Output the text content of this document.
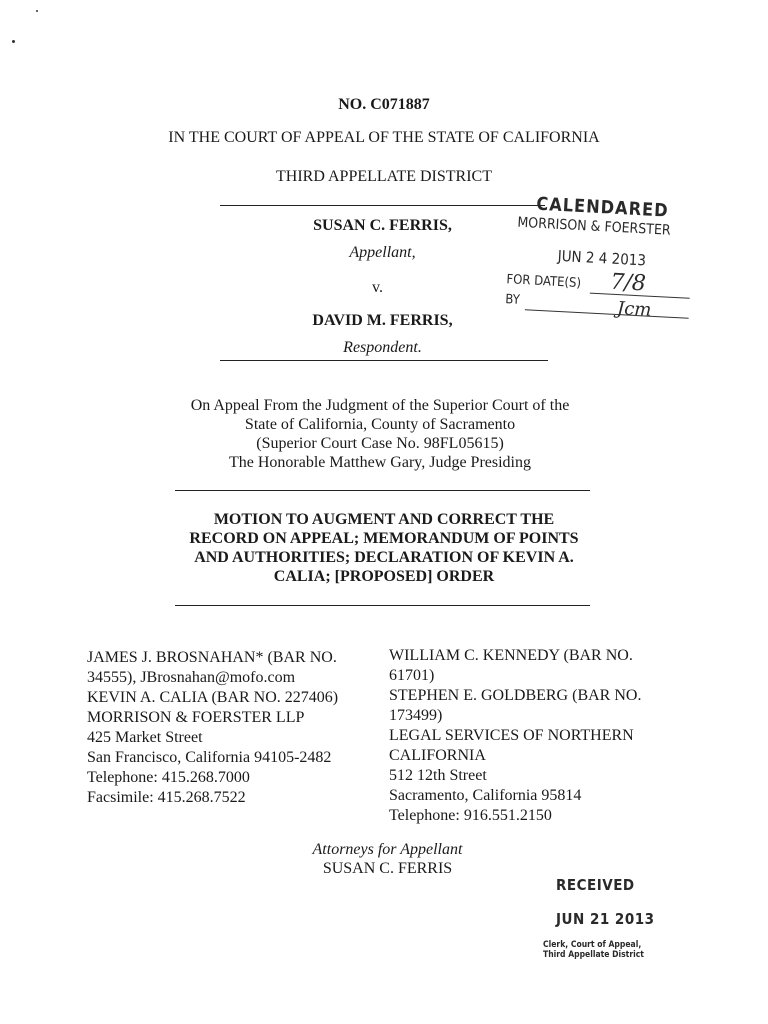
NO. C071887
IN THE COURT OF APPEAL OF THE STATE OF CALIFORNIA
THIRD APPELLATE DISTRICT
SUSAN C. FERRIS,
Appellant,
v.
DAVID M. FERRIS,
Respondent.
CALENDARED
MORRISON & FOERSTER
JUN 2 4 2013
FOR DATE(S) 7/8
BY	Jcm
On Appeal From the Judgment of the Superior Court of the
State of California, County of Sacramento
(Superior Court Case No. 98FL05615)
The Honorable Matthew Gary, Judge Presiding
MOTION TO AUGMENT AND CORRECT THE
RECORD ON APPEAL; MEMORANDUM OF POINTS
AND AUTHORITIES; DECLARATION OF KEVIN A.
CALIA; [PROPOSED] ORDER
JAMES J. BROSNAHAN* (BAR NO.
34555), JBrosnahan@mofo.com
KEVIN A. CALIA (BAR NO. 227406)
MORRISON & FOERSTER LLP
425 Market Street
San Francisco, California 94105-2482
Telephone: 415.268.7000
Facsimile: 415.268.7522
WILLIAM C. KENNEDY (BAR NO.
61701)
STEPHEN E. GOLDBERG (BAR NO.
173499)
LEGAL SERVICES OF NORTHERN
CALIFORNIA
512 12th Street
Sacramento, California 95814
Telephone: 916.551.2150
Attorneys for Appellant
SUSAN C. FERRIS
RECEIVED
JUN 21 2013
Clerk, Court of Appeal,
Third Appellate District
